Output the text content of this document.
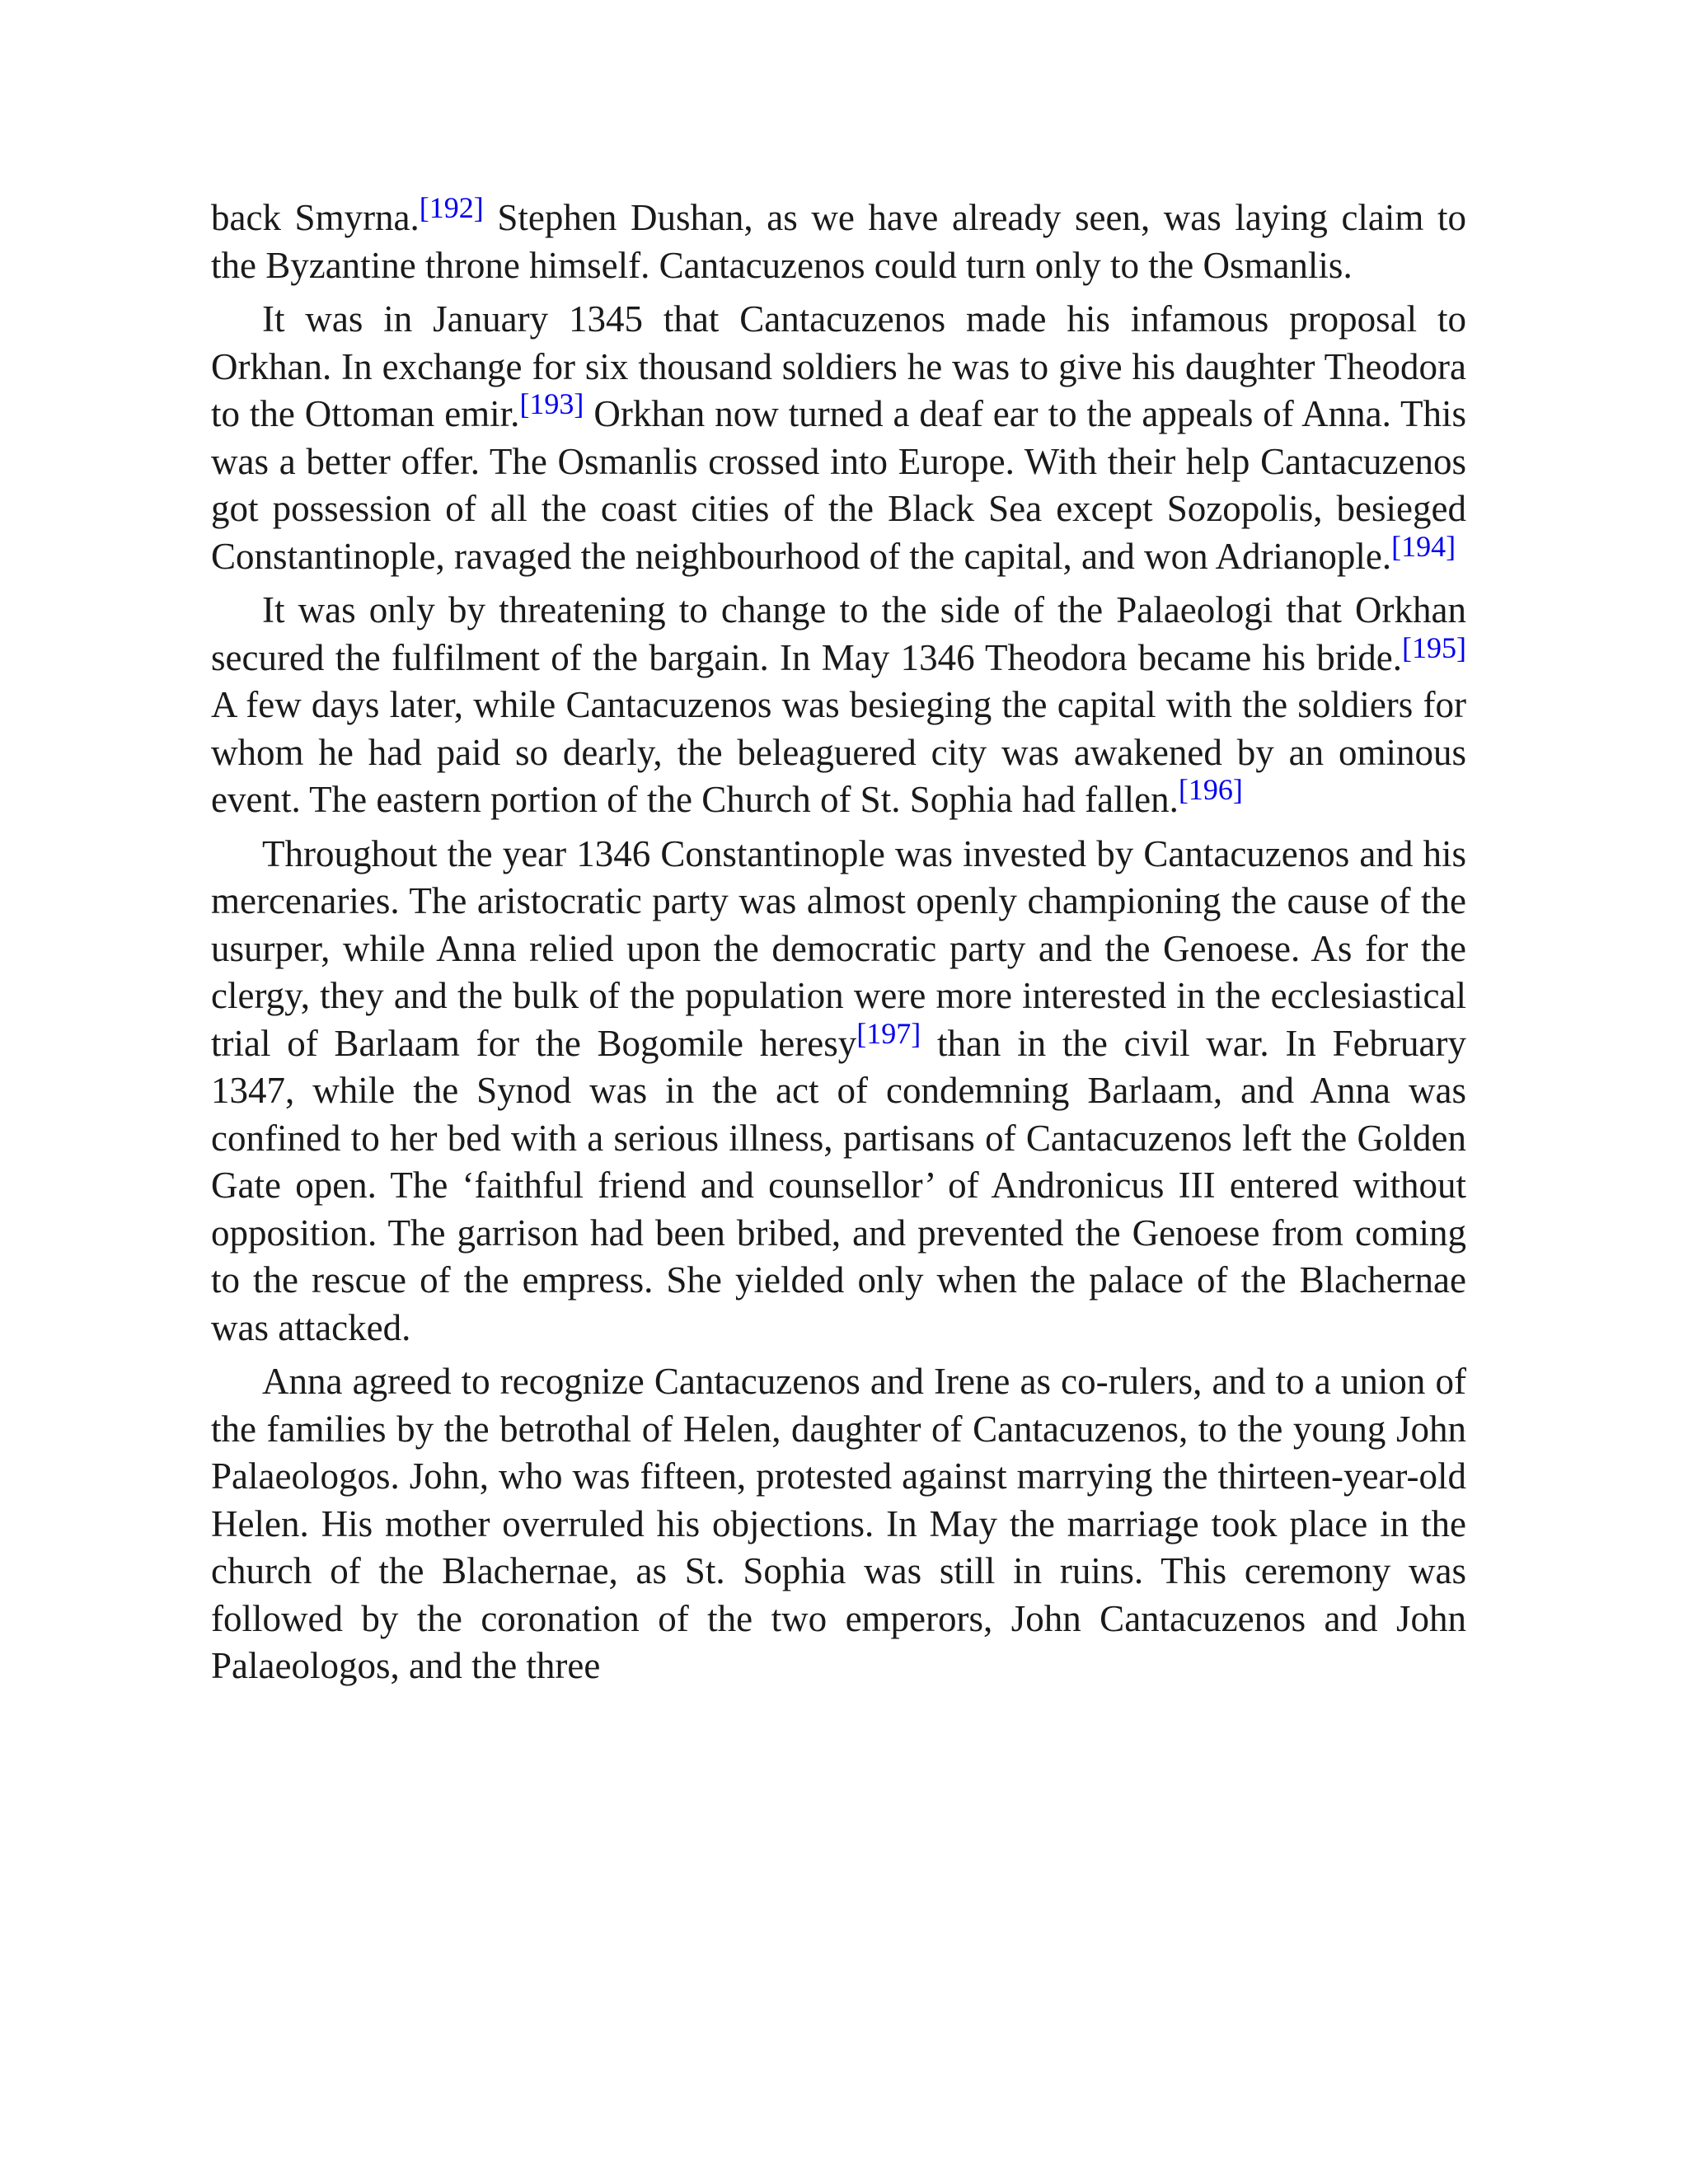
back Smyrna.[192] Stephen Dushan, as we have already seen, was laying claim to the Byzantine throne himself. Cantacuzenos could turn only to the Osmanlis.

It was in January 1345 that Cantacuzenos made his infamous proposal to Orkhan. In exchange for six thousand soldiers he was to give his daughter Theodora to the Ottoman emir.[193] Orkhan now turned a deaf ear to the appeals of Anna. This was a better offer. The Osmanlis crossed into Europe. With their help Cantacuzenos got possession of all the coast cities of the Black Sea except Sozopolis, besieged Constantinople, ravaged the neighbourhood of the capital, and won Adrianople.[194]

It was only by threatening to change to the side of the Palaeologi that Orkhan secured the fulfilment of the bargain. In May 1346 Theodora became his bride.[195] A few days later, while Cantacuzenos was besieging the capital with the soldiers for whom he had paid so dearly, the beleaguered city was awakened by an ominous event. The eastern portion of the Church of St. Sophia had fallen.[196]

Throughout the year 1346 Constantinople was invested by Cantacuzenos and his mercenaries. The aristocratic party was almost openly championing the cause of the usurper, while Anna relied upon the democratic party and the Genoese. As for the clergy, they and the bulk of the population were more interested in the ecclesiastical trial of Barlaam for the Bogomile heresy[197] than in the civil war. In February 1347, while the Synod was in the act of condemning Barlaam, and Anna was confined to her bed with a serious illness, partisans of Cantacuzenos left the Golden Gate open. The ‘faithful friend and counsellor’ of Andronicus III entered without opposition. The garrison had been bribed, and prevented the Genoese from coming to the rescue of the empress. She yielded only when the palace of the Blachernae was attacked.

Anna agreed to recognize Cantacuzenos and Irene as co-rulers, and to a union of the families by the betrothal of Helen, daughter of Cantacuzenos, to the young John Palaeologos. John, who was fifteen, protested against marrying the thirteen-year-old Helen. His mother overruled his objections. In May the marriage took place in the church of the Blachernae, as St. Sophia was still in ruins. This ceremony was followed by the coronation of the two emperors, John Cantacuzenos and John Palaeologos, and the three
